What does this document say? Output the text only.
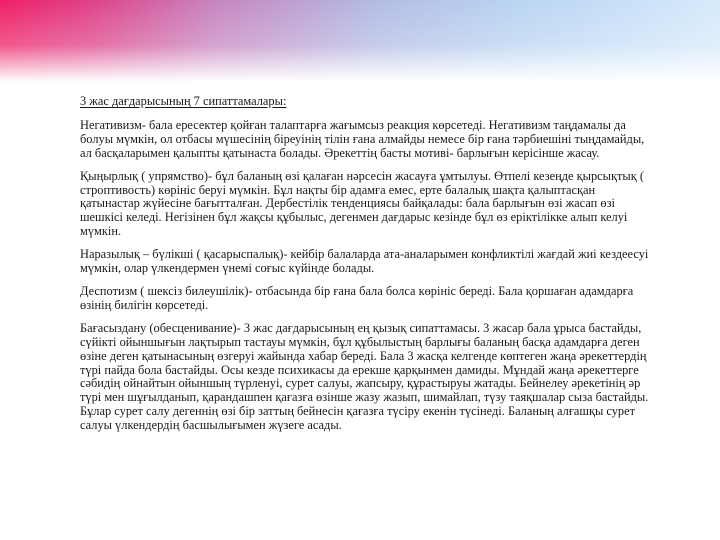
3 жас дағдарысының 7 сипаттамалары:

Негативизм- бала ересектер қойған талаптарға жағымсыз реакция көрсетеді. Негативизм таңдамалы да болуы мүмкін, ол отбасы мүшесінің біреуінің тілін ғана алмайды немесе бір ғана тәрбиешіні тыңдамайды, ал басқаларымен қалыпты қатынаста болады. Әрекеттің басты мотиві- барлығын керісінше жасау.

Қыңырлық ( упрямство)- бұл баланың өзі қалаған нәрсесін жасауға ұмтылуы. Өтпелі кезеңде қырсықтық ( строптивость) көрініс беруі мүмкін. Бұл нақты бір адамға емес, ерте балалық шақта қалыптасқан қатынастар жүйесіне бағытталған. Дербестілік тенденциясы байқалады: бала барлығын өзі жасап өзі шешкісі келеді. Негізінен бұл жақсы құбылыс, дегенмен дағдарыс кезінде бұл өз еріктілікке алып келуі мүмкін.

Наразылық – бүлікші ( қасарыспалық)- кейбір балаларда ата-аналарымен конфликтілі жағдай жиі кездеесуі мүмкін, олар үлкендермен үнемі соғыс күйінде болады.

Деспотизм ( шексіз билеушілік)- отбасында бір ғана бала болса көрініс береді. Бала қоршаған адамдарға өзінің билігін көрсетеді.

Бағасыздану (обесценивание)- 3 жас дағдарысының ең қызық сипаттамасы. 3 жасар бала ұрыса бастайды, сүйікті ойыншығын лақтырып тастауы мүмкін, бұл құбылыстың барлығы баланың басқа адамдарға деген өзіне деген қатынасының өзгеруі жайында хабар береді. Бала 3 жасқа келгенде көптеген жаңа әрекеттердің түрі пайда бола бастайды. Осы кезде психикасы да ерекше қарқынмен дамиды. Мұндай жаңа әрекеттерге сәбидің ойнайтын ойыншың түрленуі, сурет салуы, жапсыру, құрастыруы жатады. Бейнелеу әрекетінің әр түрі мен шұғылданып, қарандашпен қағазға өзінше жазу жазып, шимайлап, түзу таяқшалар сыза бастайды. Бұлар сурет салу дегеннің өзі бір заттың бейнесін қағазға түсіру екенін түсінеді. Баланың алғашқы сурет салуы үлкендердің басшылығымен жүзеге асады.
